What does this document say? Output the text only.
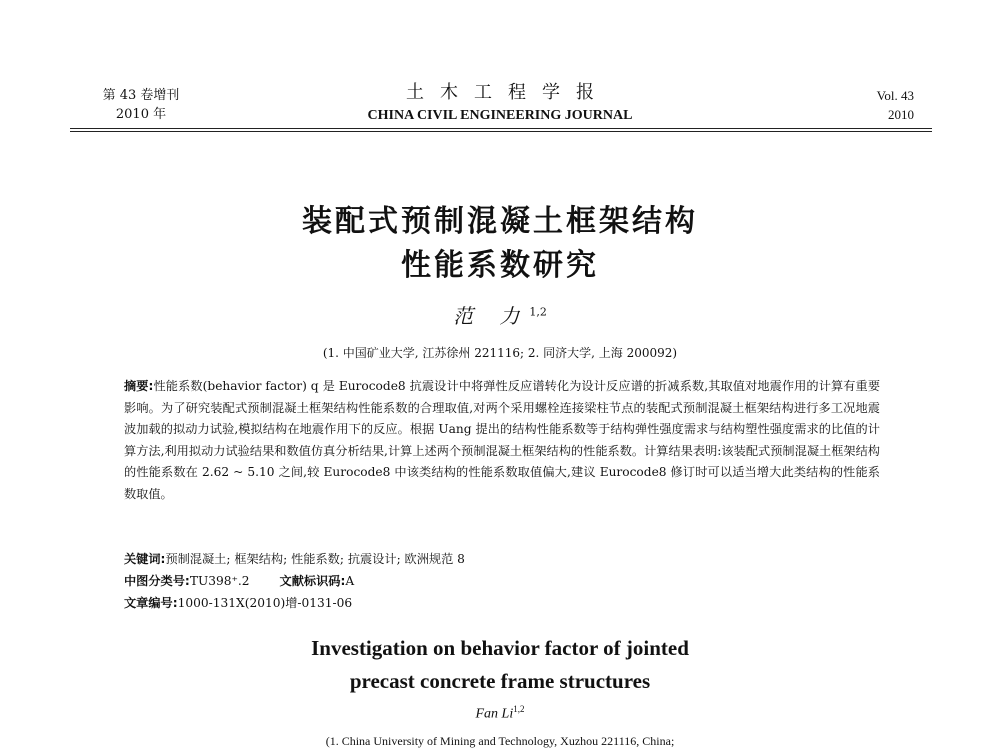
第 43 卷增刊
2010 年
土木工程学报
CHINA CIVIL ENGINEERING JOURNAL
Vol. 43
2010
装配式预制混凝土框架结构
性能系数研究
范 力$^{1,2}$
(1. 中国矿业大学, 江苏徐州 221116; 2. 同济大学, 上海 200092)
摘要:性能系数(behavior factor) q 是 Eurocode8 抗震设计中将弹性反应谱转化为设计反应谱的折减系数,其取值对地震作用的计算有重要影响。为了研究装配式预制混凝土框架结构性能系数的合理取值,对两个采用螺栓连接梁柱节点的装配式预制混凝土框架结构进行多工况地震波加载的拟动力试验,模拟结构在地震作用下的反应。根据 Uang 提出的结构性能系数等于结构弹性强度需求与结构塑性强度需求的比值的计算方法,利用拟动力试验结果和数值仿真分析结果,计算上述两个预制混凝土框架结构的性能系数。计算结果表明:该装配式预制混凝土框架结构的性能系数在 2.62 ~ 5.10 之间,较 Eurocode8 中该类结构的性能系数取值偏大,建议 Eurocode8 修订时可以适当增大此类结构的性能系数取值。
关键词:预制混凝土; 框架结构; 性能系数; 抗震设计; 欧洲规范 8
中图分类号:TU398⁺.2 文献标识码:A
文章编号:1000-131X(2010)增-0131-06
Investigation on behavior factor of jointed
precast concrete frame structures
Fan Li$^{1,2}$
(1. China University of Mining and Technology, Xuzhou 221116, China;
